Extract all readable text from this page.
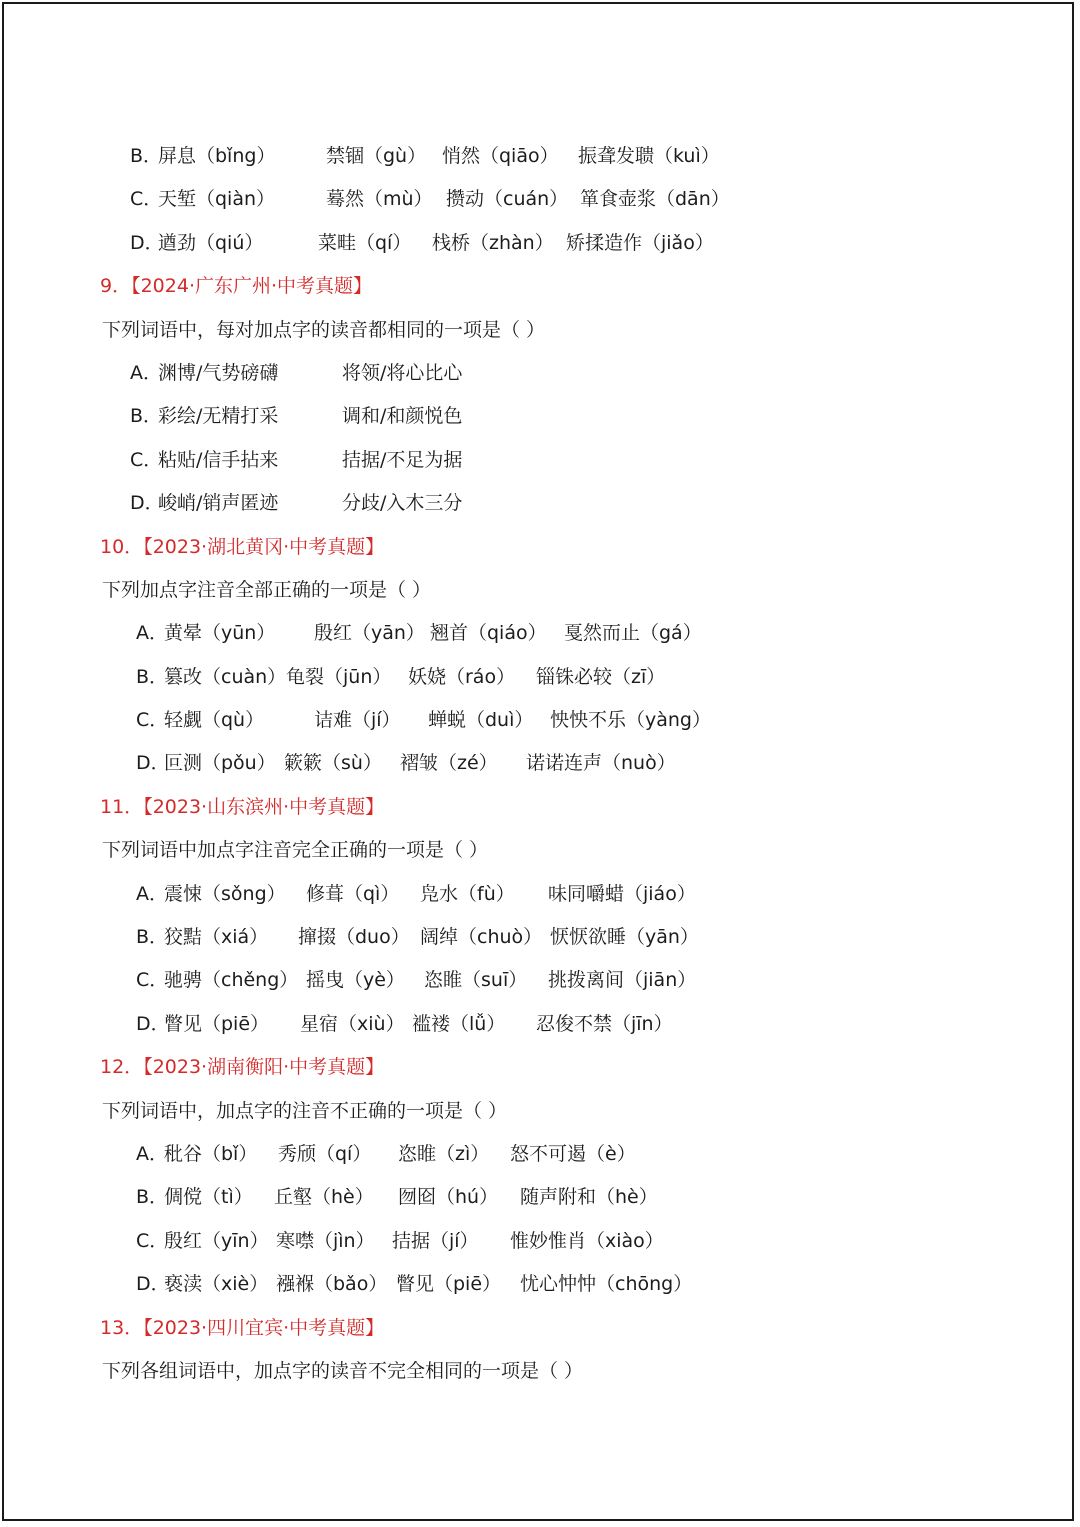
B．屏息（bǐng）	禁锢（gù） 悄然（qiāo） 振聋发聩（kuì）
C．天堑（qiàn）	蓦然（mù） 攒动（cuán） 箪食壶浆（dān）
D．遒劲（qiú）	菜畦（qí） 栈桥（zhàn） 矫揉造作（jiǎo）
9．【2024·广东广州·中考真题】
下列词语中，每对加点字的读音都相同的一项是（ ）
A．渊博/气势磅礴	将领/将心比心
B．彩绘/无精打采	调和/和颜悦色
C．粘贴/信手拈来	拮据/不足为据
D．峻峭/销声匿迹	分歧/入木三分
10．【2023·湖北黄冈·中考真题】
下列加点字注音全部正确的一项是（ ）
A．黄晕（yūn） 殷红（yān） 翘首（qiáo） 戛然而止（gá）
B．篡改（cuàn）龟裂（jūn） 妖娆（ráo） 锱铢必较（zī）
C．轻觑（qù）	诘难（jí） 蝉蜕（duì） 怏怏不乐（yàng）
D．叵测（pǒu） 簌簌（sù） 褶皱（zé） 诺诺连声（nuò）
11．【2023·山东滨州·中考真题】
下列词语中加点字注音完全正确的一项是（ ）
A．震悚（sǒng） 修葺（qì） 凫水（fù） 味同嚼蜡（jiáo）
B．狡黠（xiá） 撺掇（duo） 阔绰（chuò） 恹恹欲睡（yān）
C．驰骋（chěng） 摇曳（yè） 恣睢（suī） 挑拨离间（jiān）
D．瞥见（piē） 星宿（xiù） 褴褛（lǚ） 忍俊不禁（jīn）
12．【2023·湖南衡阳·中考真题】
下列词语中，加点字的注音不正确的一项是（ ）
A．秕谷（bǐ） 秀颀（qí） 恣睢（zì） 怒不可遏（è）
B．倜傥（tì） 丘壑（hè） 囫囵（hú） 随声附和（hè）
C．殷红（yīn） 寒噤（jìn） 拮据（jí） 惟妙惟肖（xiào）
D．亵渎（xiè） 襁褓（bǎo） 瞥见（piē） 忧心忡忡（chōng）
13．【2023·四川宜宾·中考真题】
下列各组词语中，加点字的读音不完全相同的一项是（ ）
